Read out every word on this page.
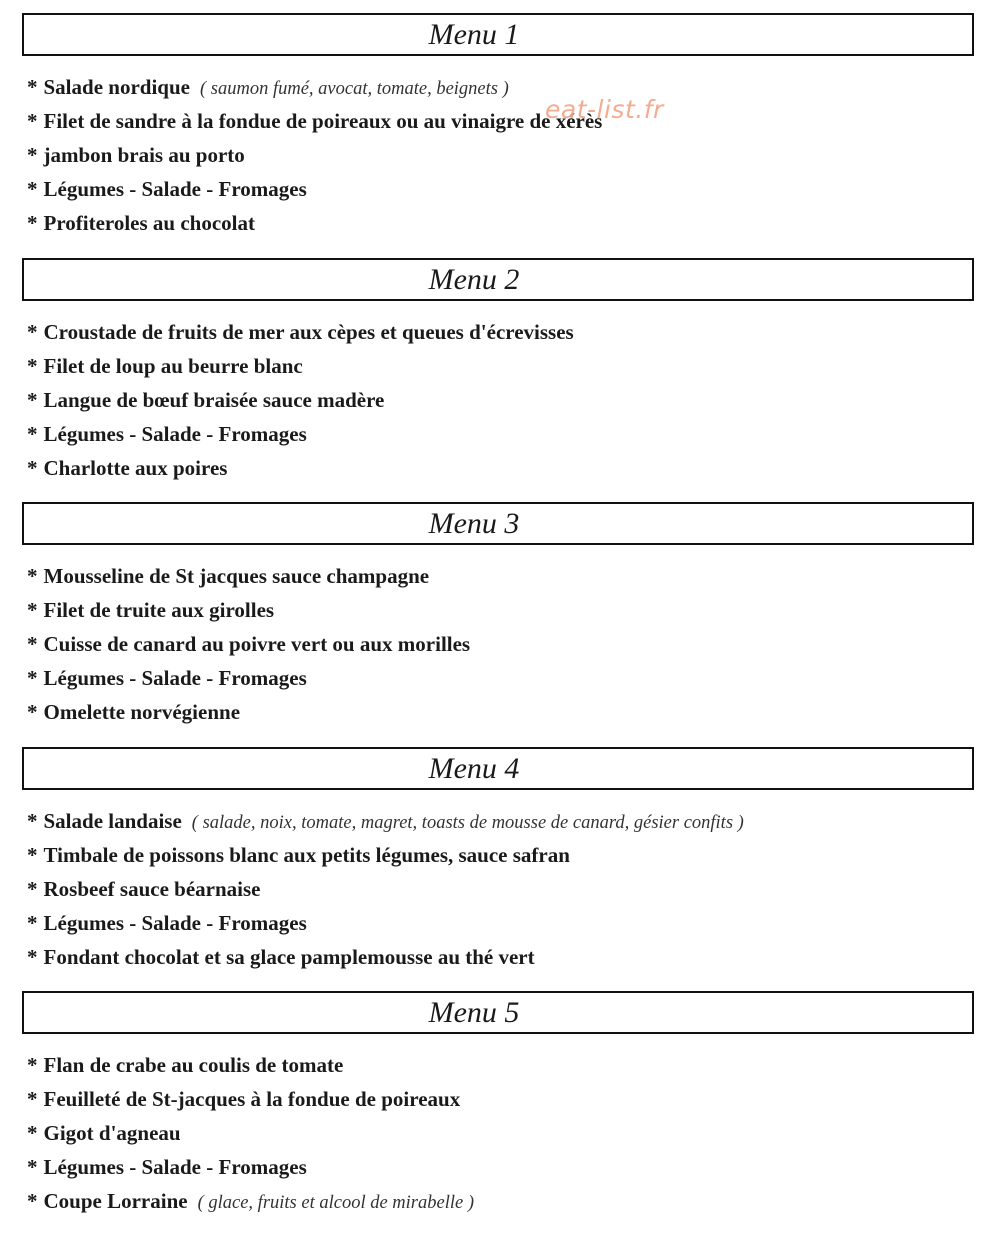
Menu 1
* Salade nordique ( saumon fumé, avocat, tomate, beignets )
* Filet de sandre à la fondue de poireaux ou au vinaigre de xérès
* jambon brais au porto
* Légumes - Salade - Fromages
* Profiteroles au chocolat
Menu 2
* Croustade de fruits de mer aux cèpes et queues d'écrevisses
* Filet de loup au beurre blanc
* Langue de bœuf braisée sauce madère
* Légumes - Salade - Fromages
* Charlotte aux poires
Menu 3
* Mousseline de St jacques sauce champagne
* Filet de truite aux girolles
* Cuisse de canard au poivre vert ou aux morilles
* Légumes - Salade - Fromages
* Omelette norvégienne
Menu 4
* Salade landaise ( salade, noix, tomate, magret, toasts de mousse de canard, gésier confits )
* Timbale de poissons blanc aux petits légumes, sauce safran
* Rosbeef sauce béarnaise
* Légumes - Salade - Fromages
* Fondant chocolat et sa glace pamplemousse au thé vert
Menu 5
* Flan de crabe au coulis de tomate
* Feuilleté de St-jacques à la fondue de poireaux
* Gigot d'agneau
* Légumes - Salade - Fromages
* Coupe Lorraine ( glace, fruits et alcool de mirabelle )
eat-list.fr
